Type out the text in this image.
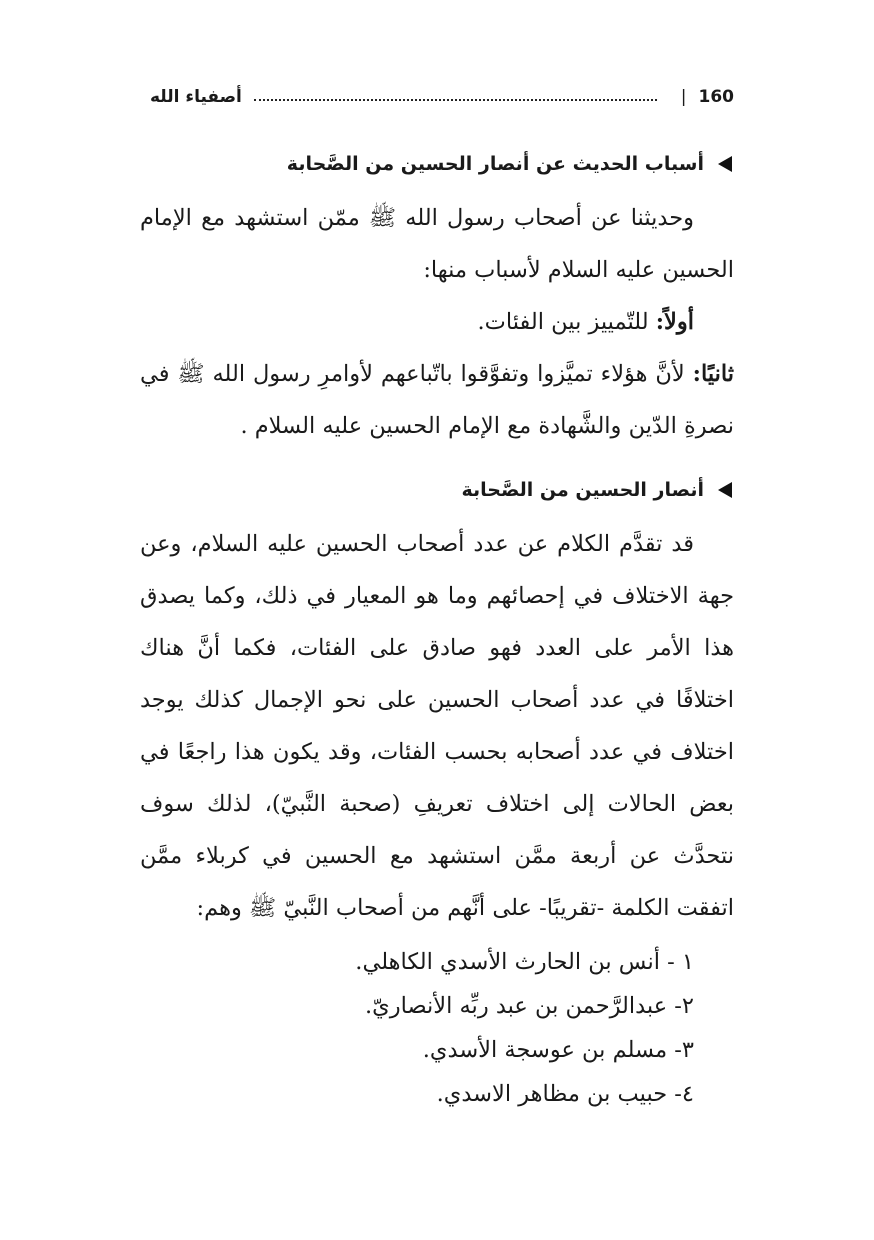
160
|
أصفياء الله
أسباب الحديث عن أنصار الحسين من الصَّحابة

وحديثنا عن أصحاب رسول الله ﷺ ممّن استشهد مع الإمام الحسين عليه السلام لأسباب منها:

أولاً: للتّمييز بين الفئات.

ثانيًا: لأنَّ هؤلاء تميَّزوا وتفوَّقوا باتّباعهم لأوامرِ رسول الله ﷺ في نصرةِ الدّين والشَّهادة مع الإمام الحسين عليه السلام .

أنصار الحسين من الصَّحابة

قد تقدَّم الكلام عن عدد أصحاب الحسين عليه السلام، وعن جهة الاختلاف في إحصائهم وما هو المعيار في ذلك، وكما يصدق هذا الأمر على العدد فهو صادق على الفئات، فكما أنَّ هناك اختلافًا في عدد أصحاب الحسين على نحو الإجمال كذلك يوجد اختلاف في عدد أصحابه بحسب الفئات، وقد يكون هذا راجعًا في بعض الحالات إلى اختلاف تعريفِ (صحبة النَّبيّ)، لذلك سوف نتحدَّث عن أربعة ممَّن استشهد مع الحسين في كربلاء ممَّن اتفقت الكلمة -تقريبًا- على أنَّهم من أصحاب النَّبيّ ﷺ وهم:

١ - أنس بن الحارث الأسدي الكاهلي.
٢- عبدالرَّحمن بن عبد ربِّه الأنصاريّ.
٣- مسلم بن عوسجة الأسدي.
٤- حبيب بن مظاهر الاسدي.
